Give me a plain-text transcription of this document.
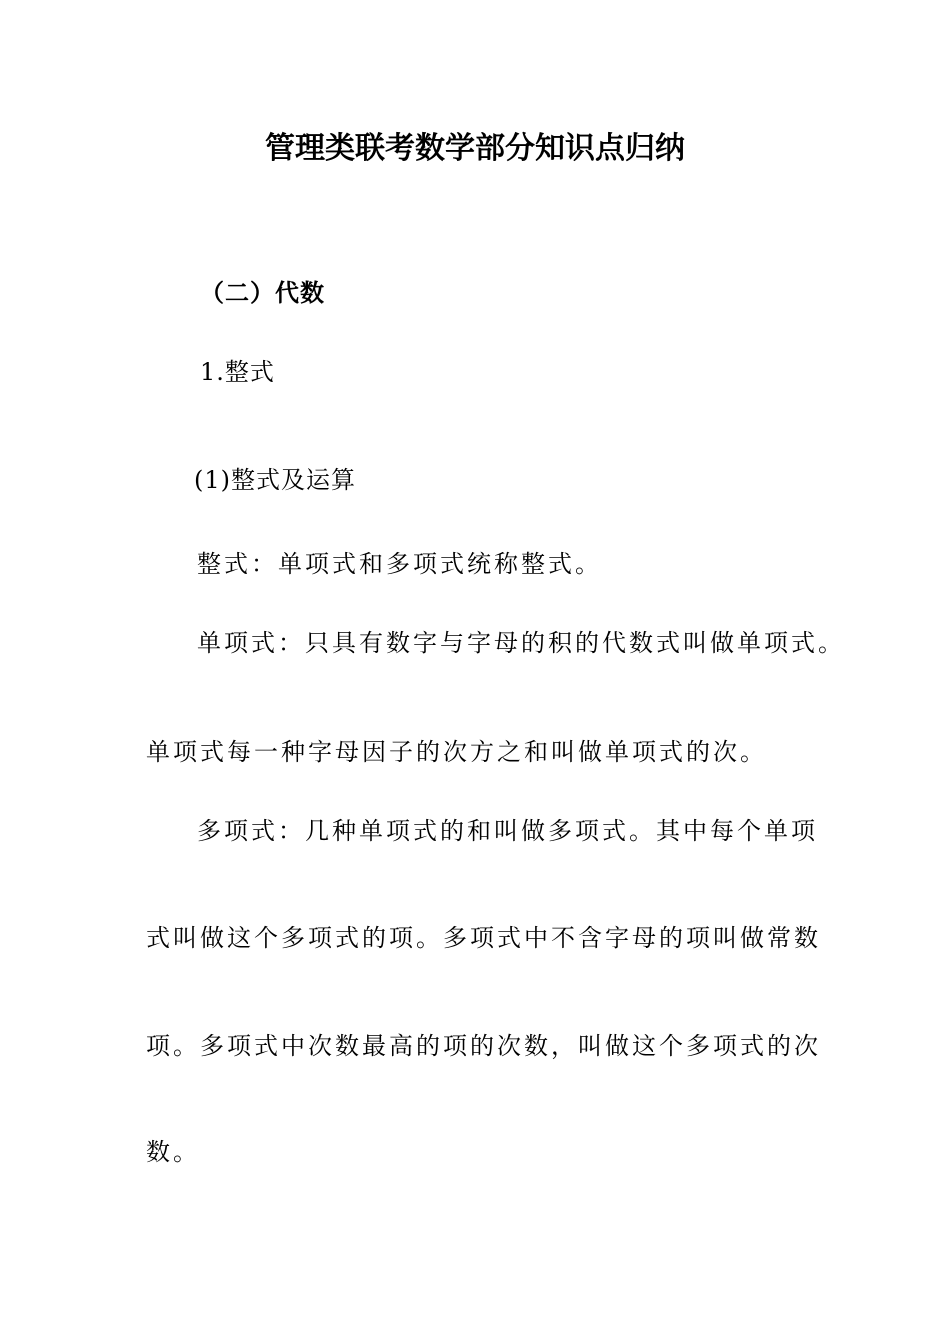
管理类联考数学部分知识点归纳
（二）代数
1.整式
(1)整式及运算
整式：单项式和多项式统称整式。
单项式：只具有数字与字母的积的代数式叫做单项式。
单项式每一种字母因子的次方之和叫做单项式的次。
多项式：几种单项式的和叫做多项式。其中每个单项
式叫做这个多项式的项。多项式中不含字母的项叫做常数
项。多项式中次数最高的项的次数，叫做这个多项式的次
数。
